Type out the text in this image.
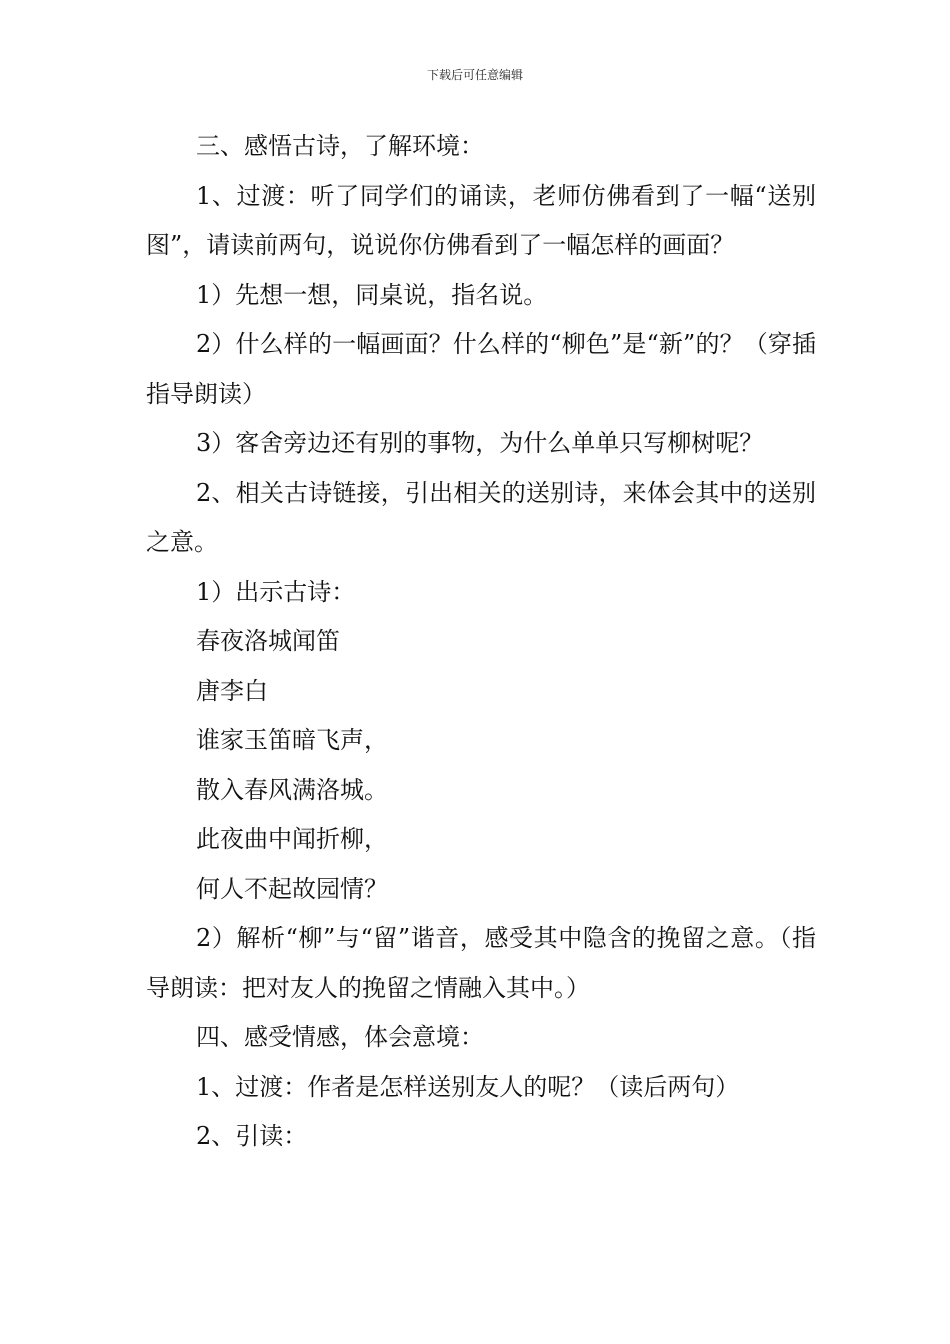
下载后可任意编辑

三、感悟古诗，了解环境：

1、过渡：听了同学们的诵读，老师仿佛看到了一幅“送别图”，请读前两句，说说你仿佛看到了一幅怎样的画面？

1）先想一想，同桌说，指名说。

2）什么样的一幅画面？什么样的“柳色”是“新”的？（穿插指导朗读）

3）客舍旁边还有别的事物，为什么单单只写柳树呢？

2、相关古诗链接，引出相关的送别诗，来体会其中的送别之意。

1）出示古诗：

春夜洛城闻笛

唐李白

谁家玉笛暗飞声，

散入春风满洛城。

此夜曲中闻折柳，

何人不起故园情？

2）解析“柳”与“留”谐音，感受其中隐含的挽留之意。（指导朗读：把对友人的挽留之情融入其中。）

四、感受情感，体会意境：

1、过渡：作者是怎样送别友人的呢？（读后两句）

2、引读：
